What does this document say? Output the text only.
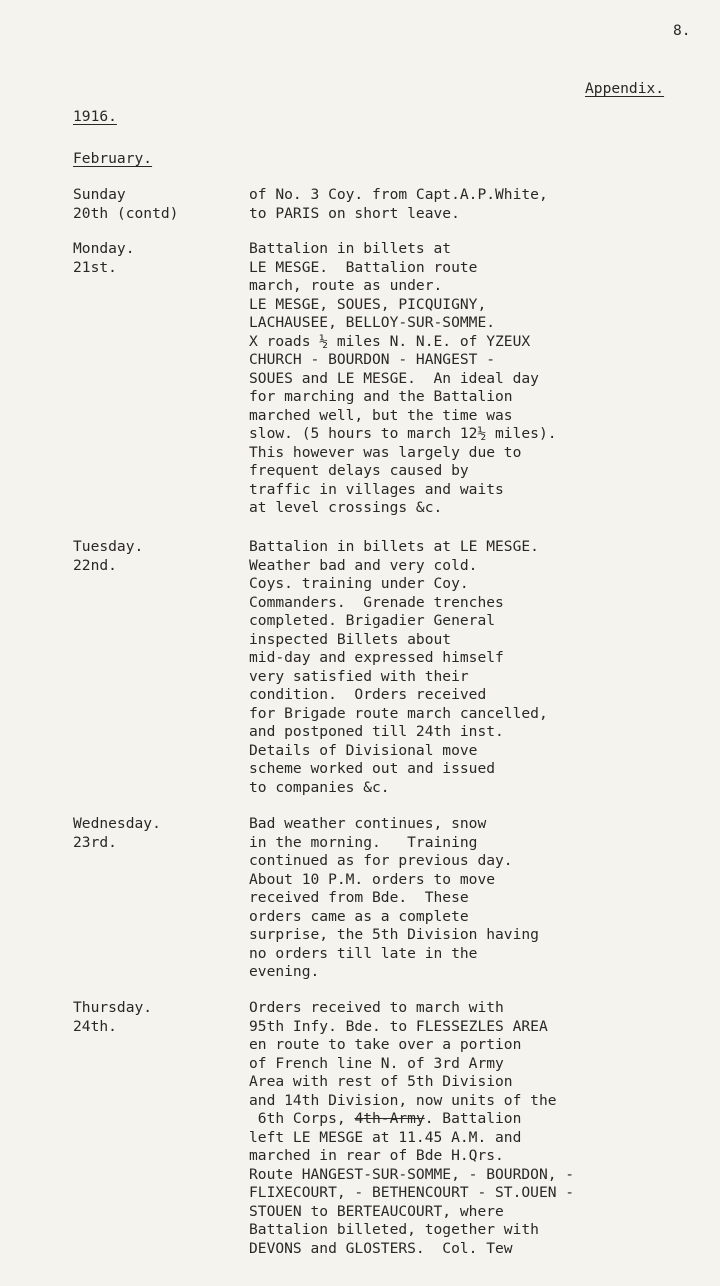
8.
Appendix.
1916.
February.
Sunday
20th (contd)
of No. 3 Coy. from Capt.A.P.White,
to PARIS on short leave.
Monday.
21st.
Battalion in billets at
LE MESGE.  Battalion route
march, route as under.
LE MESGE, SOUES, PICQUIGNY,
LACHAUSEE, BELLOY-SUR-SOMME.
X roads ½ miles N. N.E. of YZEUX
CHURCH - BOURDON - HANGEST -
SOUES and LE MESGE.  An ideal day
for marching and the Battalion
marched well, but the time was
slow. (5 hours to march 12½ miles).
This however was largely due to
frequent delays caused by
traffic in villages and waits
at level crossings &c.
Tuesday.
22nd.
Battalion in billets at LE MESGE.
Weather bad and very cold.
Coys. training under Coy.
Commanders.  Grenade trenches
completed. Brigadier General
inspected Billets about
mid-day and expressed himself
very satisfied with their
condition.  Orders received
for Brigade route march cancelled,
and postponed till 24th inst.
Details of Divisional move
scheme worked out and issued
to companies &c.
Wednesday.
23rd.
Bad weather continues, snow
in the morning.   Training
continued as for previous day.
About 10 P.M. orders to move
received from Bde.  These
orders came as a complete
surprise, the 5th Division having
no orders till late in the
evening.
Thursday.
24th.
Orders received to march with
95th Infy. Bde. to FLESSEZLES AREA
en route to take over a portion
of French line N. of 3rd Army
Area with rest of 5th Division
and 14th Division, now units of the
6th Corps, 4th-Army. Battalion
left LE MESGE at 11.45 A.M. and
marched in rear of Bde H.Qrs.
Route HANGEST-SUR-SOMME, - BOURDON, -
FLIXECOURT, - BETHENCOURT - ST.OUEN -
STOUEN to BERTEAUCOURT, where
Battalion billeted, together with
DEVONS and GLOSTERS.  Col. Tew
